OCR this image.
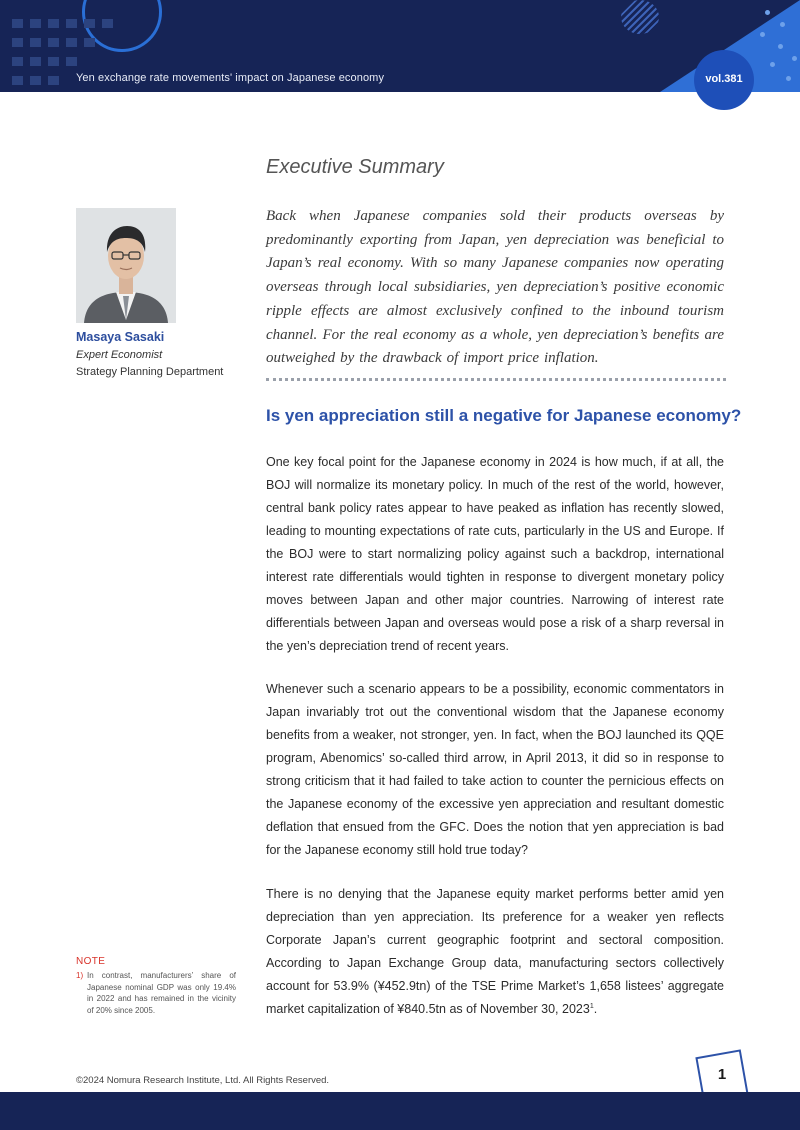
Yen exchange rate movements' impact on Japanese economy	vol.381
Masaya Sasaki
Expert Economist
Strategy Planning Department
Executive Summary
Back when Japanese companies sold their products overseas by predominantly exporting from Japan, yen depreciation was beneficial to Japan’s real economy. With so many Japanese companies now operating overseas through local subsidiaries, yen depreciation’s positive economic ripple effects are almost exclusively confined to the inbound tourism channel. For the real economy as a whole, yen depreciation’s benefits are outweighed by the drawback of import price inflation.
Is yen appreciation still a negative for Japanese economy?
One key focal point for the Japanese economy in 2024 is how much, if at all, the BOJ will normalize its monetary policy. In much of the rest of the world, however, central bank policy rates appear to have peaked as inflation has recently slowed, leading to mounting expectations of rate cuts, particularly in the US and Europe. If the BOJ were to start normalizing policy against such a backdrop, international interest rate differentials would tighten in response to divergent monetary policy moves between Japan and other major countries. Narrowing of interest rate differentials between Japan and overseas would pose a risk of a sharp reversal in the yen’s depreciation trend of recent years.
Whenever such a scenario appears to be a possibility, economic commentators in Japan invariably trot out the conventional wisdom that the Japanese economy benefits from a weaker, not stronger, yen. In fact, when the BOJ launched its QQE program, Abenomics’ so-called third arrow, in April 2013, it did so in response to strong criticism that it had failed to take action to counter the pernicious effects on the Japanese economy of the excessive yen appreciation and resultant domestic deflation that ensued from the GFC. Does the notion that yen appreciation is bad for the Japanese economy still hold true today?
There is no denying that the Japanese equity market performs better amid yen depreciation than yen appreciation. Its preference for a weaker yen reflects Corporate Japan’s current geographic footprint and sectoral composition. According to Japan Exchange Group data, manufacturing sectors collectively account for 53.9% (¥452.9tn) of the TSE Prime Market’s 1,658 listees’ aggregate market capitalization of ¥840.5tn as of November 30, 2023$^1$.
NOTE
1) In contrast, manufacturers’ share of Japanese nominal GDP was only 19.4% in 2022 and has remained in the vicinity of 20% since 2005.
©2024 Nomura Research Institute, Ltd. All Rights Reserved.	1
